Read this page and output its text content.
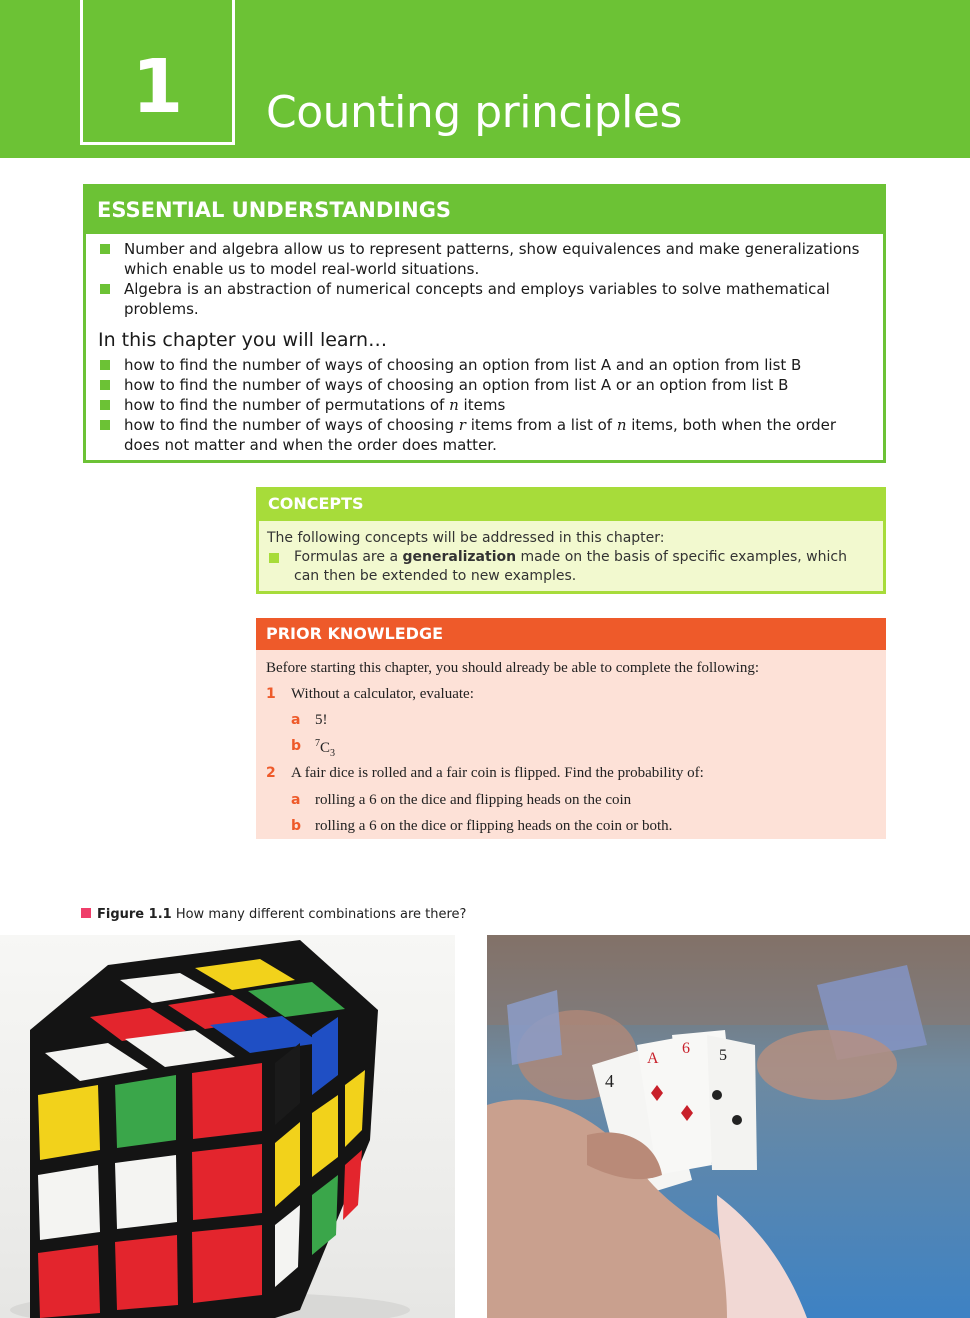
1	Counting principles
ESSENTIAL UNDERSTANDINGS
Number and algebra allow us to represent patterns, show equivalences and make generalizations which enable us to model real-world situations.
Algebra is an abstraction of numerical concepts and employs variables to solve mathematical problems.
In this chapter you will learn…
how to find the number of ways of choosing an option from list A and an option from list B
how to find the number of ways of choosing an option from list A or an option from list B
how to find the number of permutations of n items
how to find the number of ways of choosing r items from a list of n items, both when the order does not matter and when the order does matter.
CONCEPTS
The following concepts will be addressed in this chapter:
Formulas are a generalization made on the basis of specific examples, which can then be extended to new examples.
PRIOR KNOWLEDGE
Before starting this chapter, you should already be able to complete the following:
1 Without a calculator, evaluate:
a 5!
b $^7C_3$
2 A fair dice is rolled and a fair coin is flipped. Find the probability of:
a rolling a 6 on the dice and flipping heads on the coin
b rolling a 6 on the dice or flipping heads on the coin or both.
Figure 1.1 How many different combinations are there?
4
A
6 5
